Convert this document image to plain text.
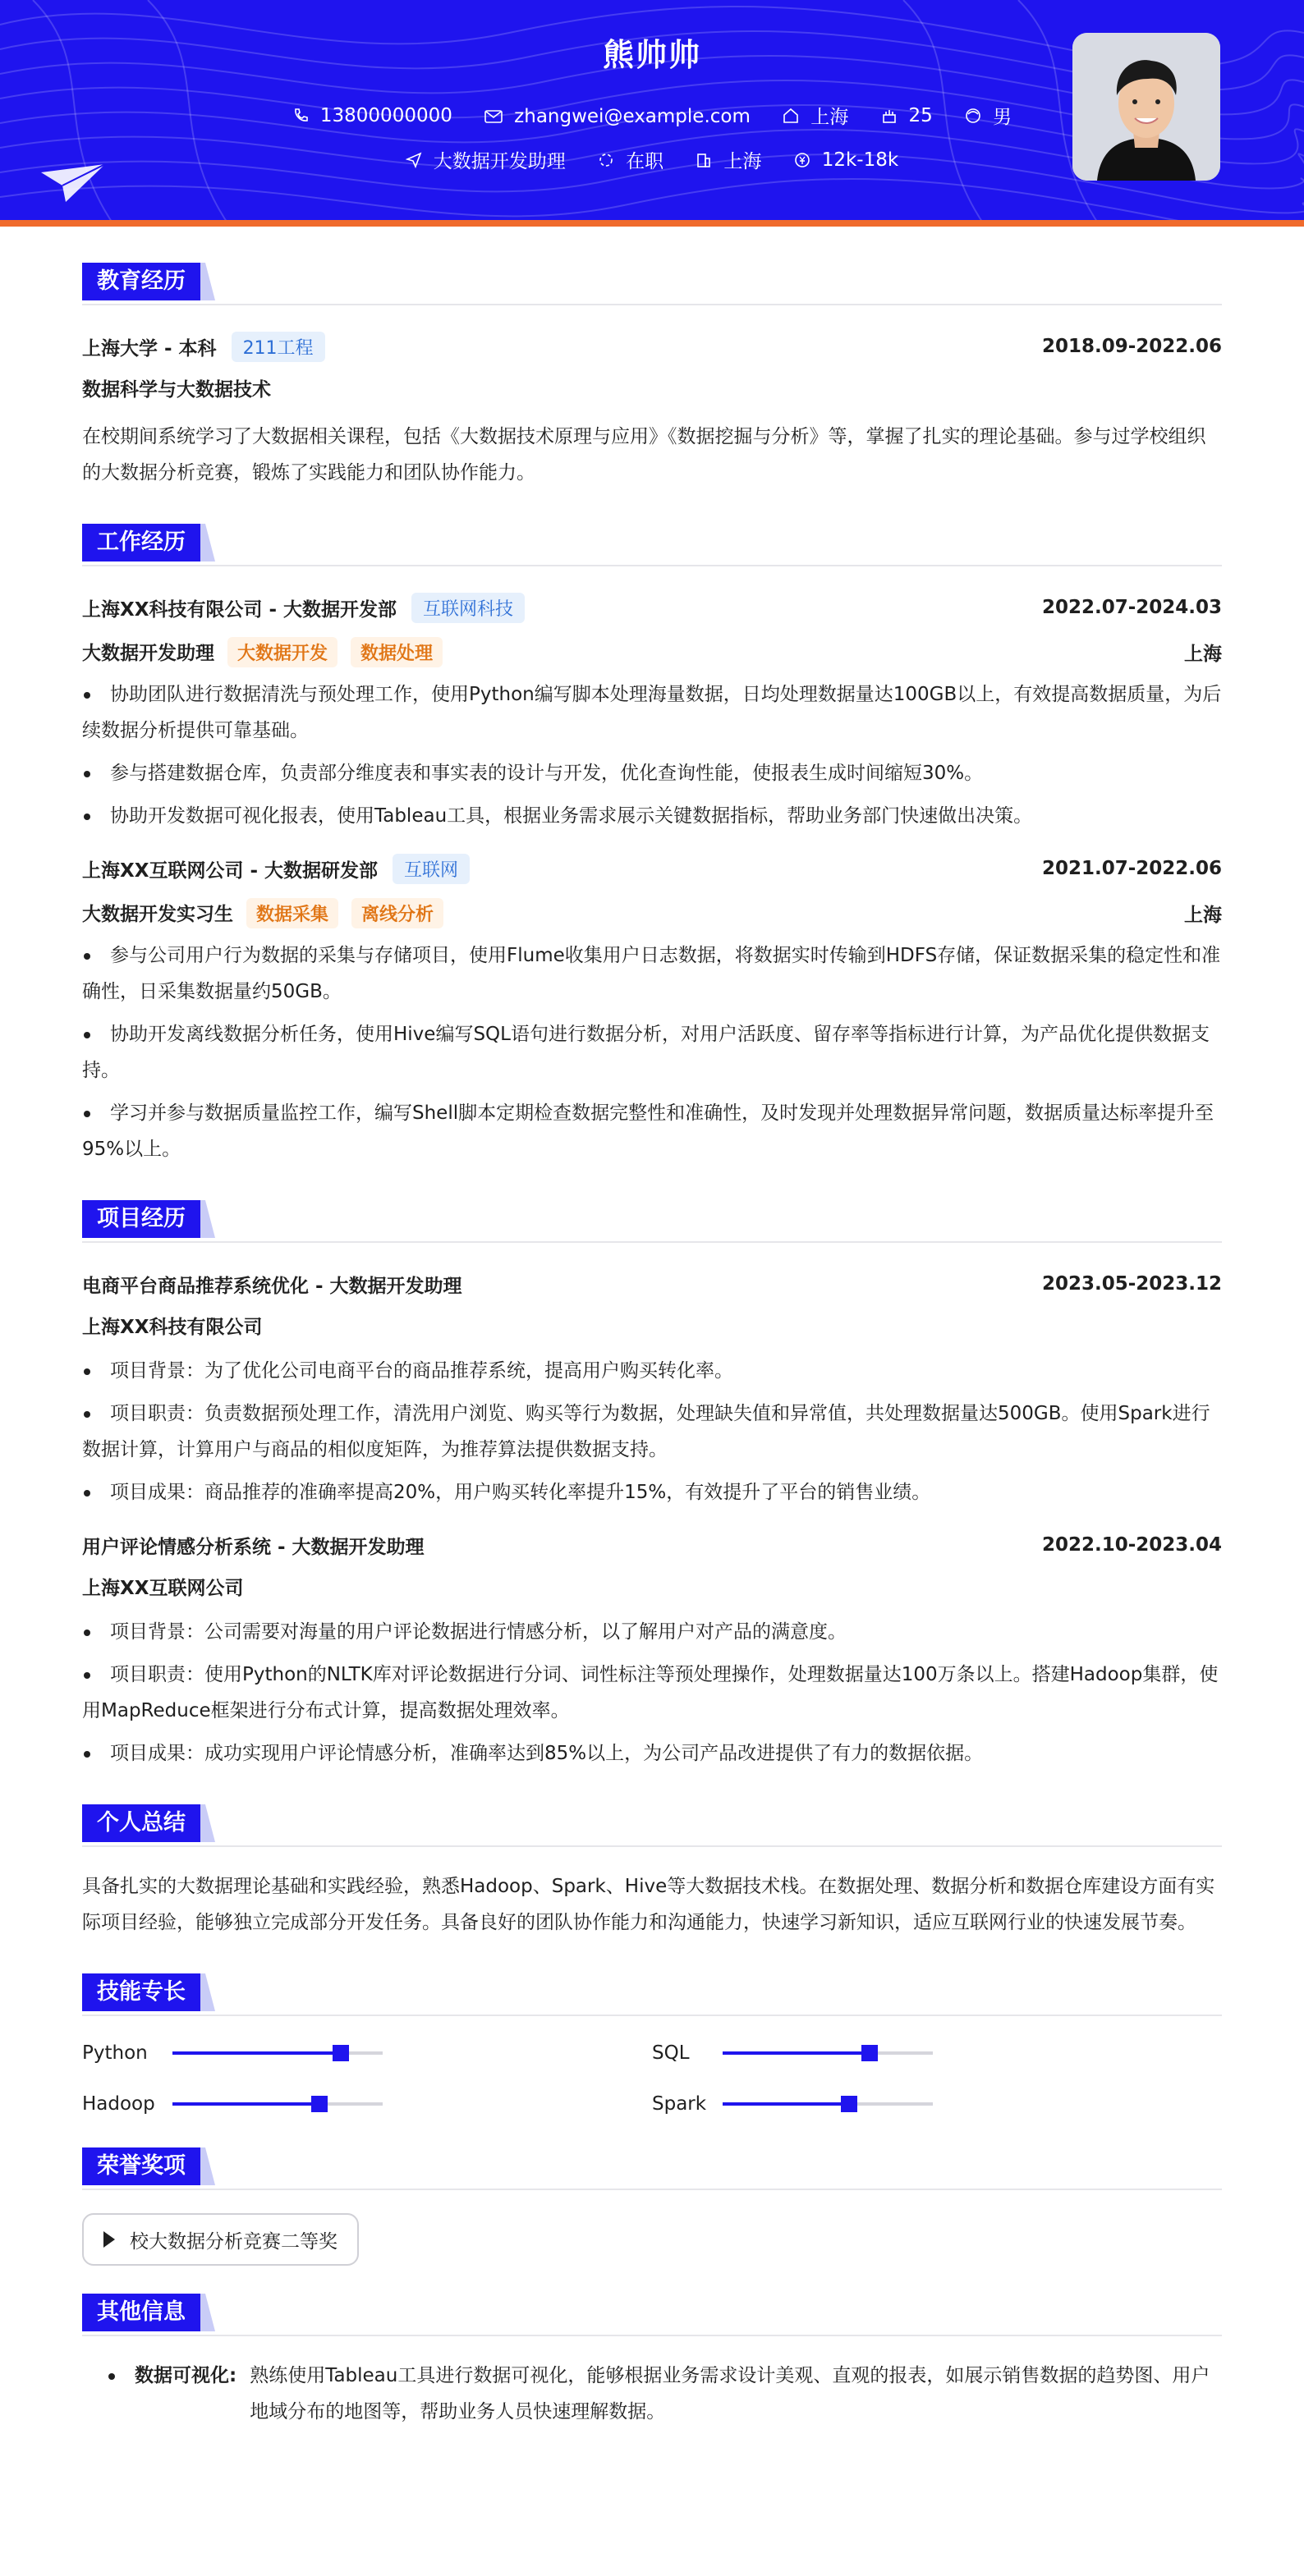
熊帅帅
13800000000
	zhangwei@example.com
	上海
	25
	男
大数据开发助理
	在职
	上海
	12k-18k
教育经历
上海大学 - 本科	211工程	2018.09-2022.06
数据科学与大数据技术
在校期间系统学习了大数据相关课程，包括《大数据技术原理与应用》《数据挖掘与分析》等，掌握了扎实的理论基础。参与过学校组织的大数据分析竞赛，锻炼了实践能力和团队协作能力。
工作经历
上海XX科技有限公司 - 大数据开发部	互联网科技	2022.07-2024.03
大数据开发助理 大数据开发 数据处理	上海
协助团队进行数据清洗与预处理工作，使用Python编写脚本处理海量数据，日均处理数据量达100GB以上，有效提高数据质量，为后续数据分析提供可靠基础。
参与搭建数据仓库，负责部分维度表和事实表的设计与开发，优化查询性能，使报表生成时间缩短30%。
协助开发数据可视化报表，使用Tableau工具，根据业务需求展示关键数据指标，帮助业务部门快速做出决策。
上海XX互联网公司 - 大数据研发部	互联网	2021.07-2022.06
大数据开发实习生 数据采集 离线分析	上海
参与公司用户行为数据的采集与存储项目，使用Flume收集用户日志数据，将数据实时传输到HDFS存储，保证数据采集的稳定性和准确性，日采集数据量约50GB。
协助开发离线数据分析任务，使用Hive编写SQL语句进行数据分析，对用户活跃度、留存率等指标进行计算，为产品优化提供数据支持。
学习并参与数据质量监控工作，编写Shell脚本定期检查数据完整性和准确性，及时发现并处理数据异常问题，数据质量达标率提升至95%以上。
项目经历
电商平台商品推荐系统优化 - 大数据开发助理	2023.05-2023.12
上海XX科技有限公司
项目背景：为了优化公司电商平台的商品推荐系统，提高用户购买转化率。
项目职责：负责数据预处理工作，清洗用户浏览、购买等行为数据，处理缺失值和异常值，共处理数据量达500GB。使用Spark进行数据计算，计算用户与商品的相似度矩阵，为推荐算法提供数据支持。
项目成果：商品推荐的准确率提高20%，用户购买转化率提升15%，有效提升了平台的销售业绩。
用户评论情感分析系统 - 大数据开发助理	2022.10-2023.04
上海XX互联网公司
项目背景：公司需要对海量的用户评论数据进行情感分析，以了解用户对产品的满意度。
项目职责：使用Python的NLTK库对评论数据进行分词、词性标注等预处理操作，处理数据量达100万条以上。搭建Hadoop集群，使用MapReduce框架进行分布式计算，提高数据处理效率。
项目成果：成功实现用户评论情感分析，准确率达到85%以上，为公司产品改进提供了有力的数据依据。
个人总结
具备扎实的大数据理论基础和实践经验，熟悉Hadoop、Spark、Hive等大数据技术栈。在数据处理、数据分析和数据仓库建设方面有实际项目经验，能够独立完成部分开发任务。具备良好的团队协作能力和沟通能力，快速学习新知识，适应互联网行业的快速发展节奏。
技能专长
Python	SQL
Hadoop	Spark
荣誉奖项
校大数据分析竞赛二等奖
其他信息
数据可视化: 熟练使用Tableau工具进行数据可视化，能够根据业务需求设计美观、直观的报表，如展示销售数据的趋势图、用户地域分布的地图等，帮助业务人员快速理解数据。
